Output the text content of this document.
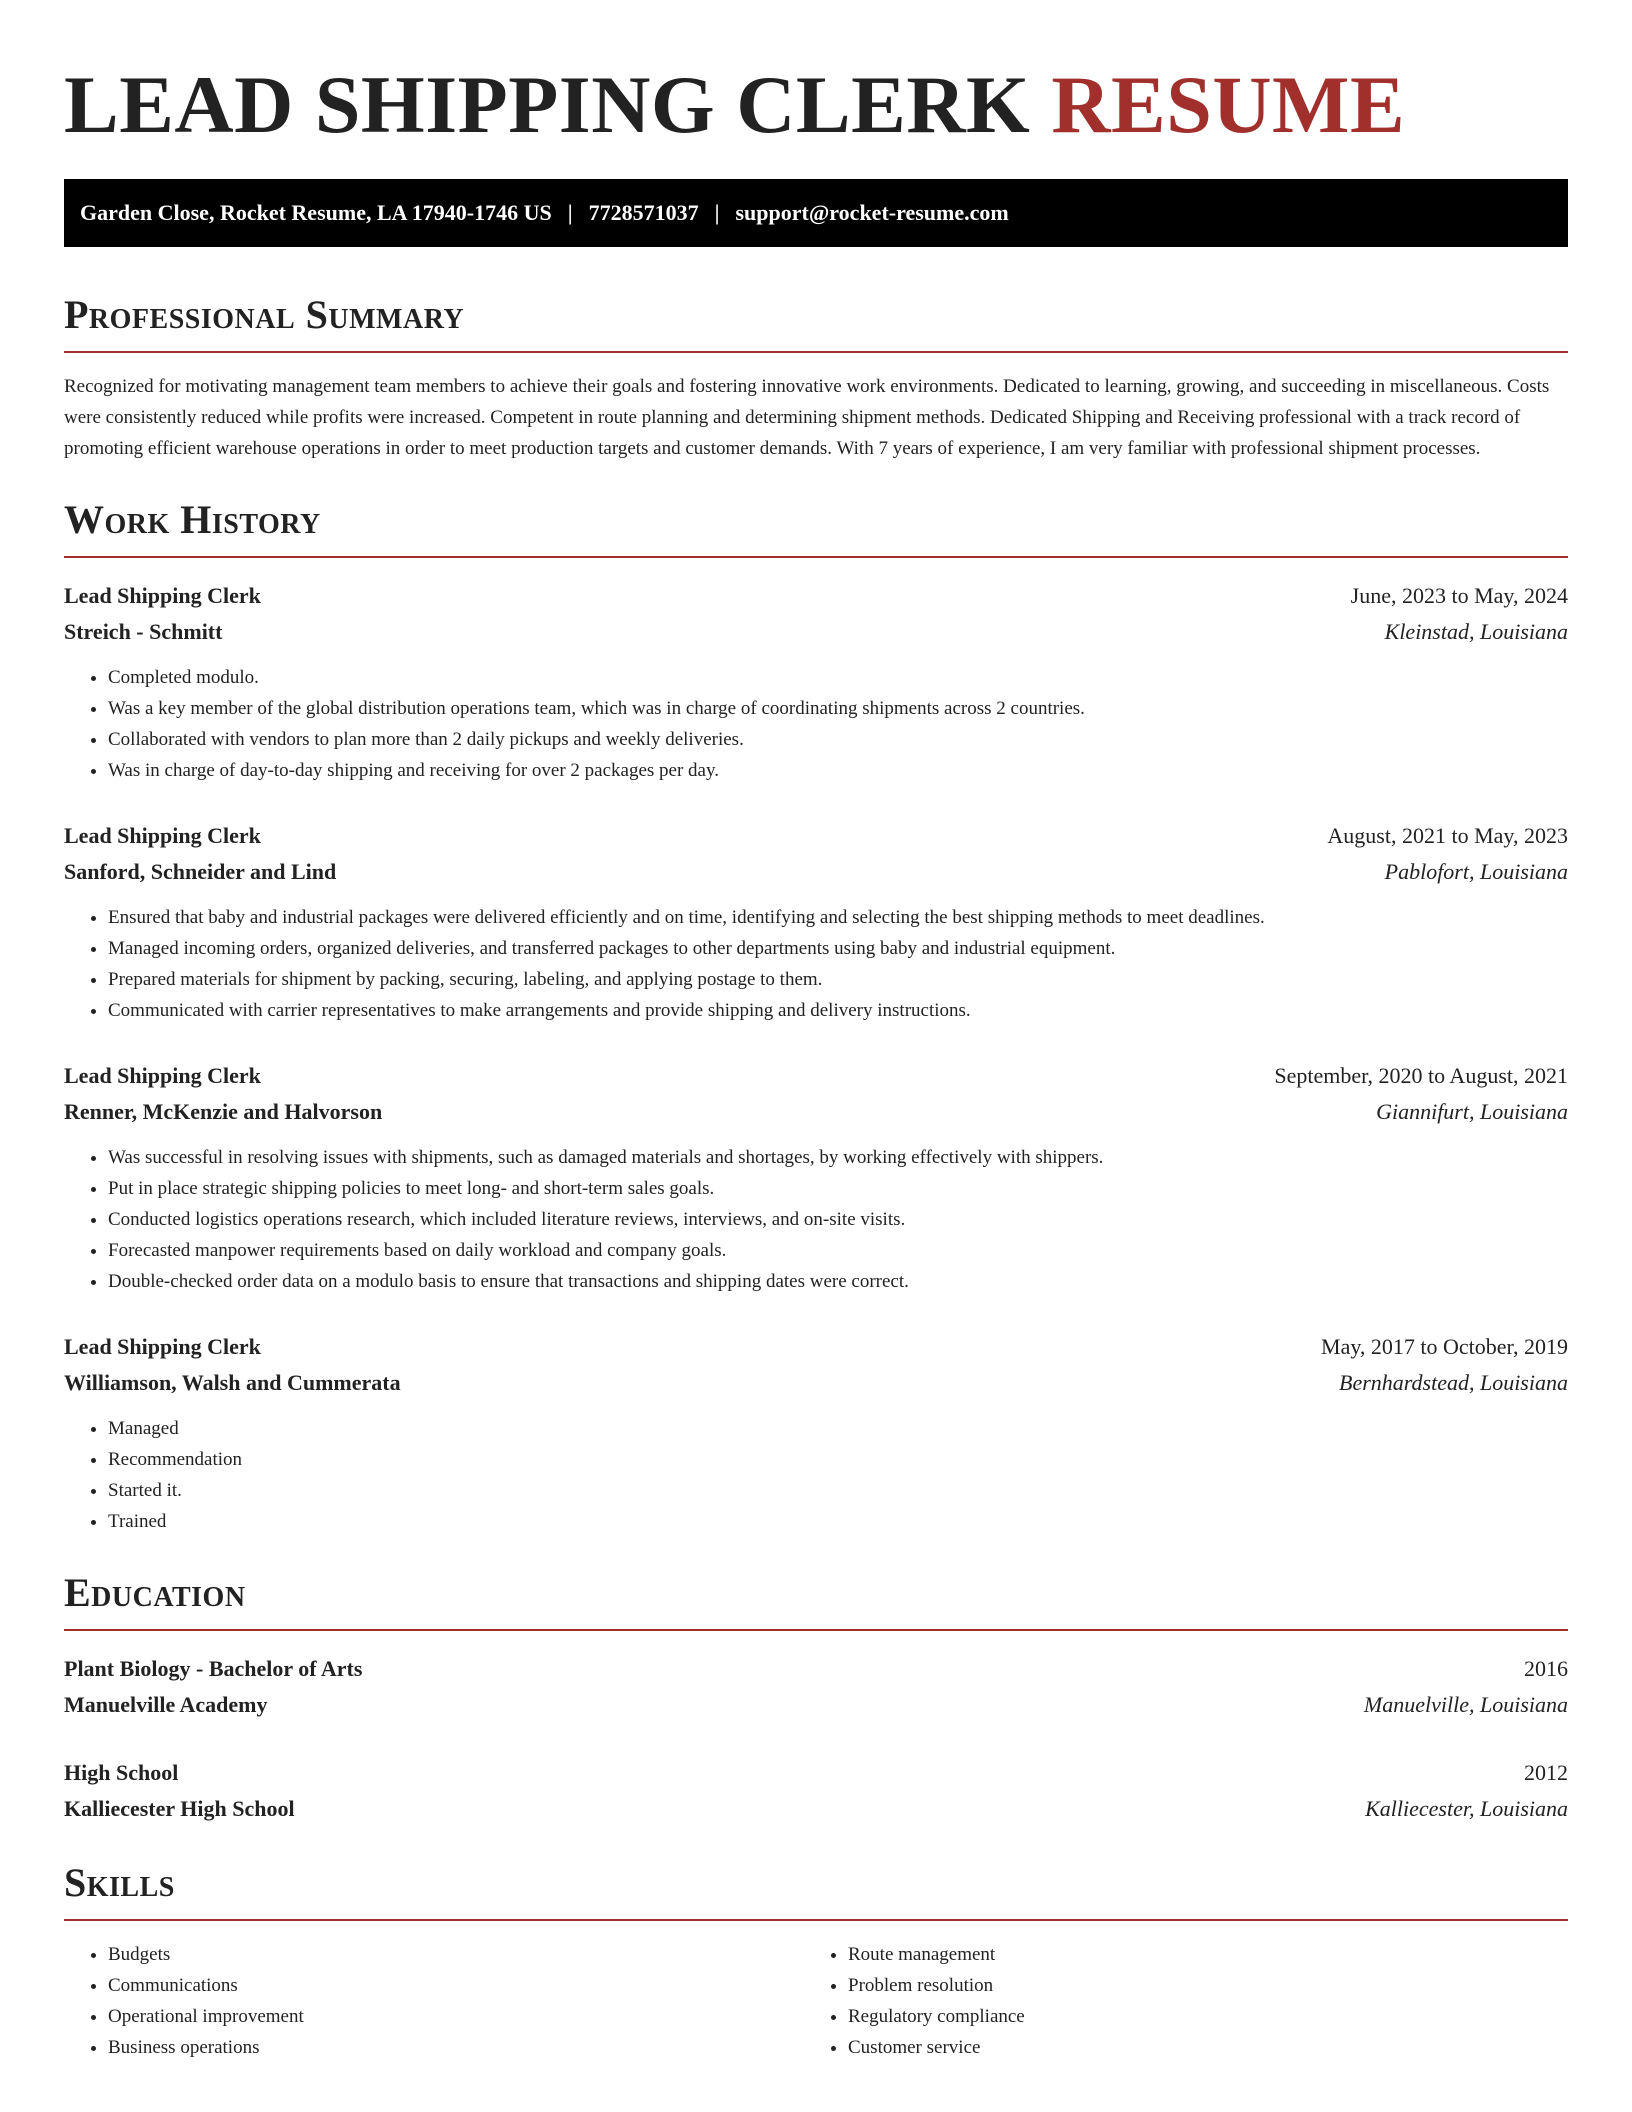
LEAD SHIPPING CLERK RESUME
Garden Close, Rocket Resume, LA 17940-1746 US | 7728571037 | support@rocket-resume.com
Professional Summary

Recognized for motivating management team members to achieve their goals and fostering innovative work environments. Dedicated to learning, growing, and succeeding in miscellaneous. Costs were consistently reduced while profits were increased. Competent in route planning and determining shipment methods. Dedicated Shipping and Receiving professional with a track record of promoting efficient warehouse operations in order to meet production targets and customer demands. With 7 years of experience, I am very familiar with professional shipment processes.

Work History
Lead Shipping Clerk	June, 2023 to May, 2024
Streich - Schmitt	Kleinstad, Louisiana
• Completed modulo.
• Was a key member of the global distribution operations team, which was in charge of coordinating shipments across 2 countries.
• Collaborated with vendors to plan more than 2 daily pickups and weekly deliveries.
• Was in charge of day-to-day shipping and receiving for over 2 packages per day.
Lead Shipping Clerk	August, 2021 to May, 2023
Sanford, Schneider and Lind	Pablofort, Louisiana
• Ensured that baby and industrial packages were delivered efficiently and on time, identifying and selecting the best shipping methods to meet deadlines.
• Managed incoming orders, organized deliveries, and transferred packages to other departments using baby and industrial equipment.
• Prepared materials for shipment by packing, securing, labeling, and applying postage to them.
• Communicated with carrier representatives to make arrangements and provide shipping and delivery instructions.
Lead Shipping Clerk	September, 2020 to August, 2021
Renner, McKenzie and Halvorson	Giannifurt, Louisiana
• Was successful in resolving issues with shipments, such as damaged materials and shortages, by working effectively with shippers.
• Put in place strategic shipping policies to meet long- and short-term sales goals.
• Conducted logistics operations research, which included literature reviews, interviews, and on-site visits.
• Forecasted manpower requirements based on daily workload and company goals.
• Double-checked order data on a modulo basis to ensure that transactions and shipping dates were correct.
Lead Shipping Clerk	May, 2017 to October, 2019
Williamson, Walsh and Cummerata	Bernhardstead, Louisiana
• Managed
• Recommendation
• Started it.
• Trained
Education
Plant Biology - Bachelor of Arts	2016
Manuelville Academy	Manuelville, Louisiana
High School	2012
Kalliecester High School	Kalliecester, Louisiana
Skills
• Budgets
• Communications
• Operational improvement
• Business operations
• Route management
• Problem resolution
• Regulatory compliance
• Customer service
